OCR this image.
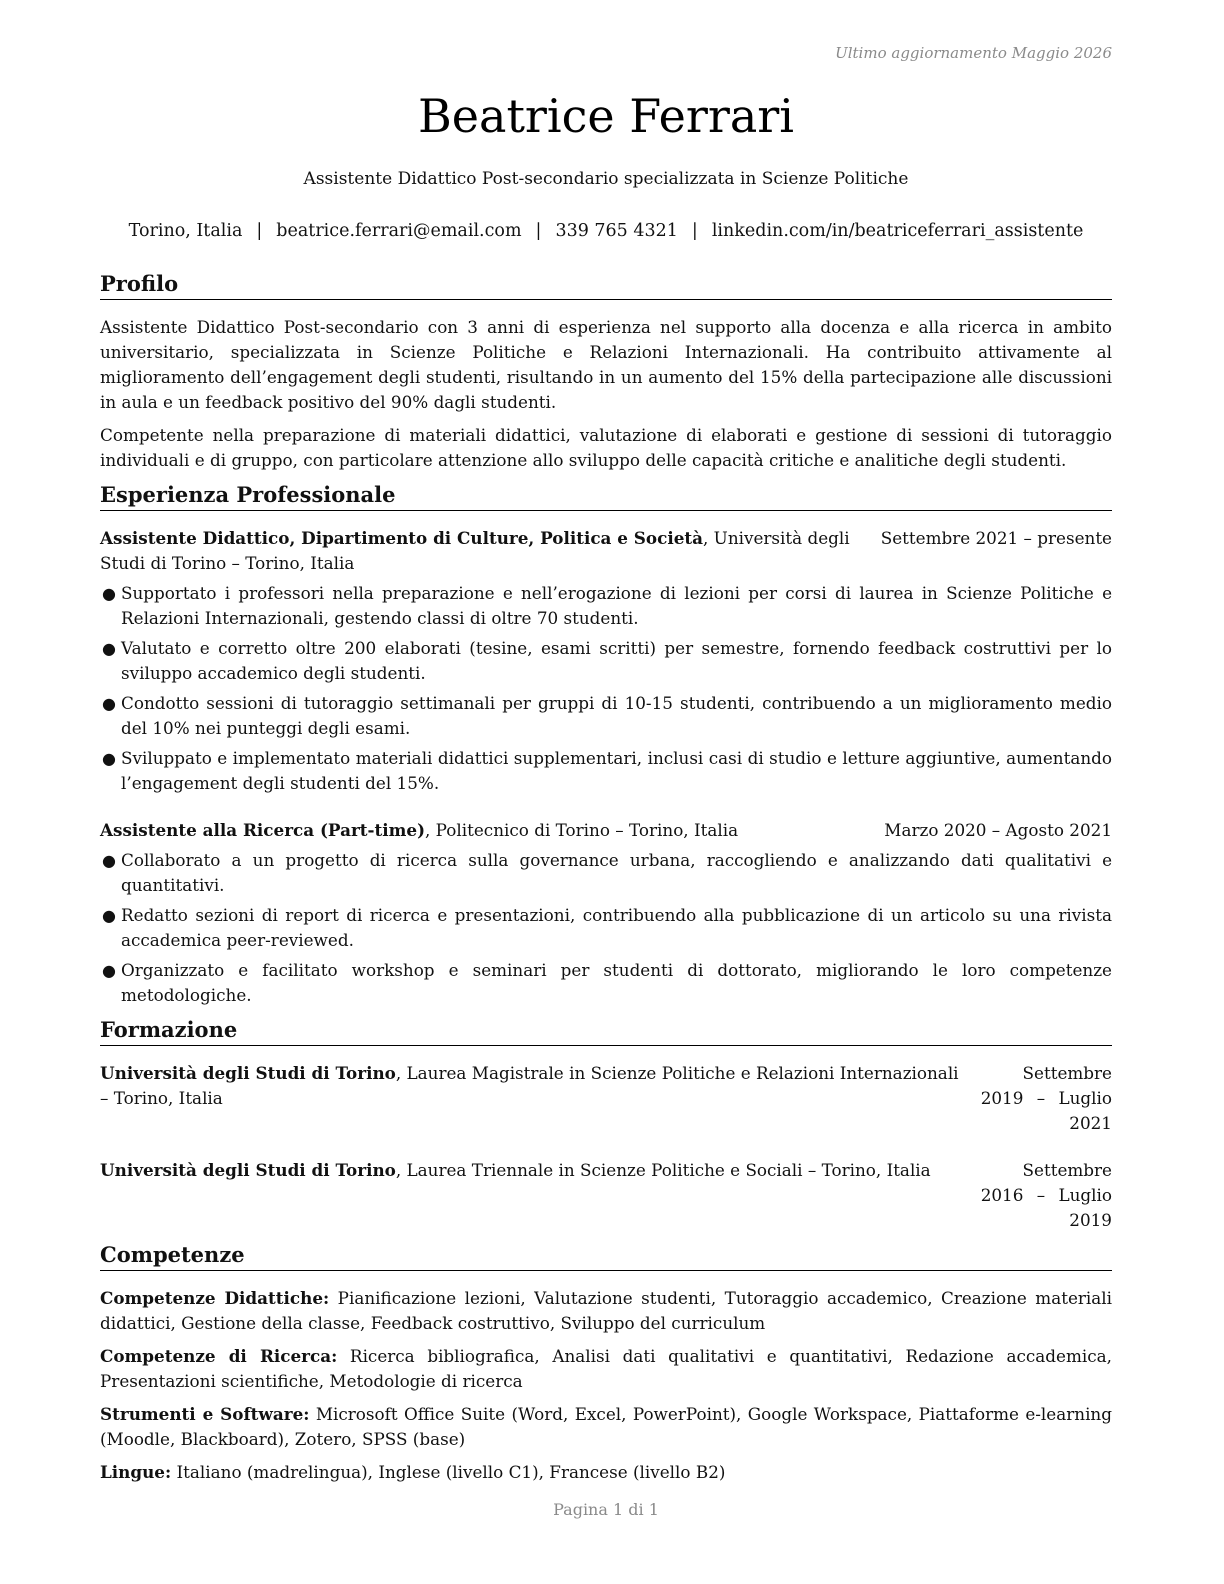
Ultimo aggiornamento Maggio 2026
Beatrice Ferrari
Assistente Didattico Post-secondario specializzata in Scienze Politiche
Torino, Italia | beatrice.ferrari@email.com | 339 765 4321 | linkedin.com/in/beatriceferrari_assistente
Profilo

Assistente Didattico Post-secondario con 3 anni di esperienza nel supporto alla docenza e alla ricerca in ambito universitario, specializzata in Scienze Politiche e Relazioni Internazionali. Ha contribuito attivamente al miglioramento dell’engagement degli studenti, risultando in un aumento del 15% della partecipazione alle discussioni in aula e un feedback positivo del 90% dagli studenti.

Competente nella preparazione di materiali didattici, valutazione di elaborati e gestione di sessioni di tutoraggio individuali e di gruppo, con particolare attenzione allo sviluppo delle capacità critiche e analitiche degli studenti.

Esperienza Professionale
Assistente Didattico, Dipartimento di Culture, Politica e Società, Università degli Studi di Torino – Torino, Italia
Settembre 2021 – presente
● Supportato i professori nella preparazione e nell’erogazione di lezioni per corsi di laurea in Scienze Politiche e Relazioni Internazionali, gestendo classi di oltre 70 studenti.
● Valutato e corretto oltre 200 elaborati (tesine, esami scritti) per semestre, fornendo feedback costruttivi per lo sviluppo accademico degli studenti.
● Condotto sessioni di tutoraggio settimanali per gruppi di 10-15 studenti, contribuendo a un miglioramento medio del 10% nei punteggi degli esami.
● Sviluppato e implementato materiali didattici supplementari, inclusi casi di studio e letture aggiuntive, aumentando l’engagement degli studenti del 15%.
Assistente alla Ricerca (Part-time), Politecnico di Torino – Torino, Italia	Marzo 2020 – Agosto 2021
● Collaborato a un progetto di ricerca sulla governance urbana, raccogliendo e analizzando dati qualitativi e quantitativi.
● Redatto sezioni di report di ricerca e presentazioni, contribuendo alla pubblicazione di un articolo su una rivista accademica peer-reviewed.
● Organizzato e facilitato workshop e seminari per studenti di dottorato, migliorando le loro competenze metodologiche.
Formazione
Università degli Studi di Torino, Laurea Magistrale in Scienze Politiche e Relazioni Internazionali – Torino, Italia
Settembre 2019 – Luglio 2021
Università degli Studi di Torino, Laurea Triennale in Scienze Politiche e Sociali – Torino, Italia	Settembre 2016 – Luglio 2019
Competenze

Competenze Didattiche: Pianificazione lezioni, Valutazione studenti, Tutoraggio accademico, Creazione materiali didattici, Gestione della classe, Feedback costruttivo, Sviluppo del curriculum

Competenze di Ricerca: Ricerca bibliografica, Analisi dati qualitativi e quantitativi, Redazione accademica, Presentazioni scientifiche, Metodologie di ricerca

Strumenti e Software: Microsoft Office Suite (Word, Excel, PowerPoint), Google Workspace, Piattaforme e-learning (Moodle, Blackboard), Zotero, SPSS (base)

Lingue: Italiano (madrelingua), Inglese (livello C1), Francese (livello B2)

Pagina 1 di 1
